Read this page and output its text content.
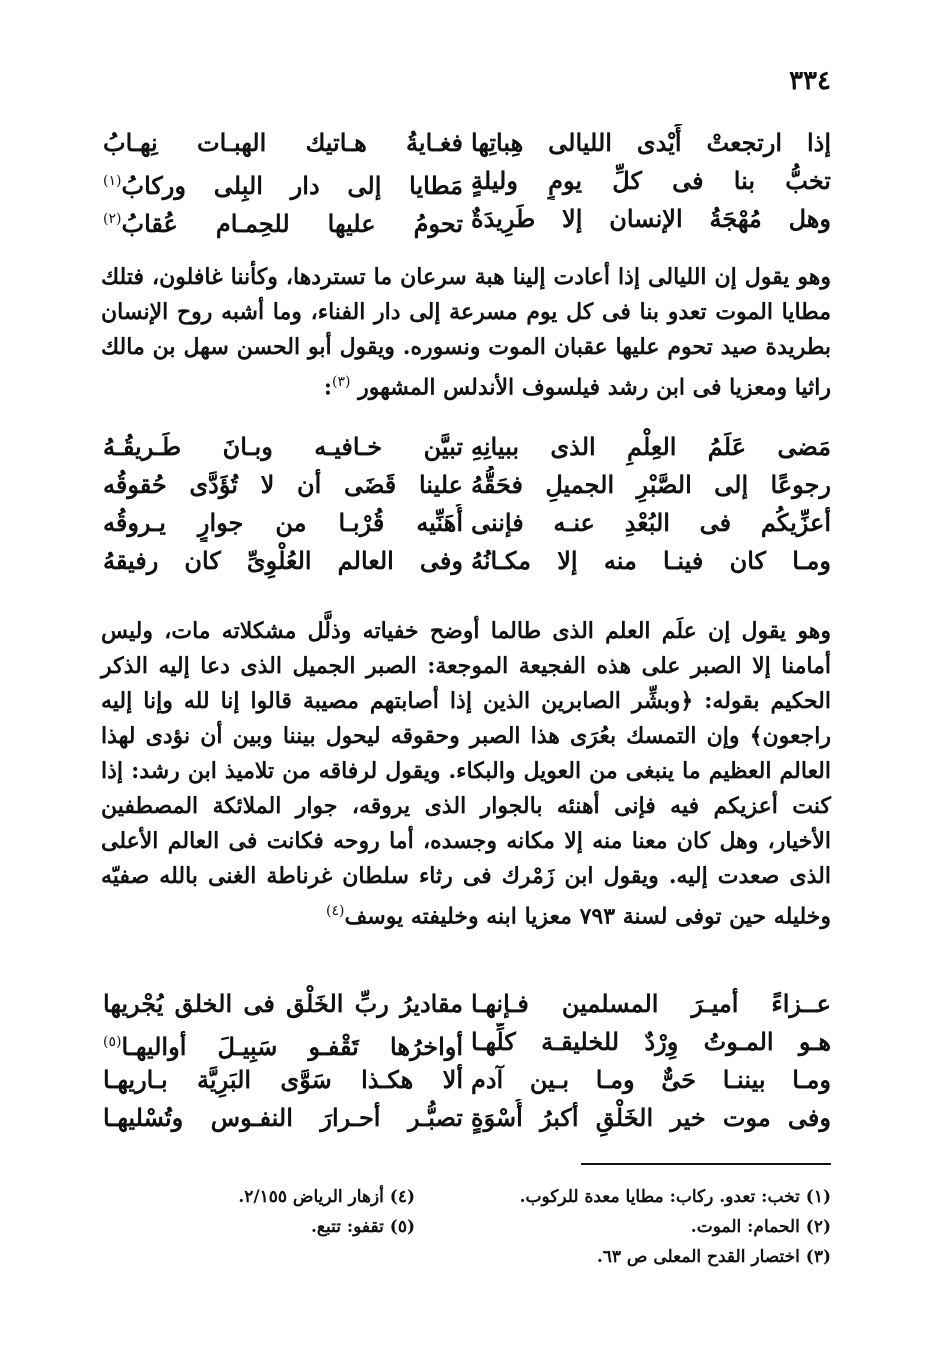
٣٣٤
إذا ارتجعتْ أَيْدى الليالى هِباتِها
فغـايةُ هـاتيك الهبـات نِهـابُ
تخبُّ بنا فى كلِّ يومٍ وليلةٍ
مَطايا إلى دار البِلى وركابُ$^{(١)}$
وهل مُهْجَةُ الإنسان إلا طَرِيدَةٌ
تحومُ عليها للحِمـام عُقابُ$^{(٢)}$

وهو يقول إن الليالى إذا أعادت إلينا هبة سرعان ما تستردها، وكأننا غافلون، فتلك مطايا الموت تعدو بنا فى كل يوم مسرعة إلى دار الفناء، وما أشبه روح الإنسان بطريدة صيد تحوم عليها عقبان الموت ونسوره. ويقول أبو الحسن سهل بن مالك راثيا ومعزيا فى ابن رشد فيلسوف الأندلس المشهور $^{(٣)}$:

مَضى عَلَمُ العِلْمِ الذى ببيانِهِ
تبيَّن خـافيـه وبـانَ طَـريقُـهُ
رجوعًا إلى الصَّبْرِ الجميلِ فحَقُّهُ
علينا قَضَى أن لا تُؤَدَّى حُقوقُه
أعزِّيكُم فى البُعْدِ عنـه فإننى
أُهَنِّيه قُرْبـا من جوارٍ يـروقُه
ومـا كان فينـا منه إلا مكـانُهُ
وفى العالم العُلْوِىِّ كان رفيقهُ

وهو يقول إن علَم العلم الذى طالما أوضح خفياته وذلَّل مشكلاته مات، وليس أمامنا إلا الصبر على هذه الفجيعة الموجعة: الصبر الجميل الذى دعا إليه الذكر الحكيم بقوله: ﴿وبشِّر الصابرين الذين إذا أصابتهم مصيبة قالوا إنا لله وإنا إليه راجعون﴾ وإن التمسك بعُرَى هذا الصبر وحقوقه ليحول بيننا وبين أن نؤدى لهذا العالم العظيم ما ينبغى من العويل والبكاء. ويقول لرفاقه من تلاميذ ابن رشد: إذا كنت أعزيكم فيه فإنى أهنئه بالجوار الذى يروقه، جوار الملائكة المصطفين الأخيار، وهل كان معنا منه إلا مكانه وجسده، أما روحه فكانت فى العالم الأعلى الذى صعدت إليه. ويقول ابن زَمْرك فى رثاء سلطان غرناطة الغنى بالله صفيّه وخليله حين توفى لسنة ٧٩٣ معزيا ابنه وخليفته يوسف$^{(٤)}$

عــزاءً أميـرَ المسلمين فـإنهـا
مقاديرُ ربِّ الخَلْق فى الخلق يُجْريها
هـو المـوتُ وِرْدٌ للخليقـة كلِّهـا
أواخرُها تَقْفـو سَبِيـلَ أواليهـا$^{(٥)}$
ومـا بيننـا حَىٌّ ومـا بـين آدم
ألا هكـذا سَوَّى البَرِيَّة بـاريهـا
وفى موت خير الخَلْقِ أكبرُ أُسْوَةٍ
تصبُّـر أحـرارَ النفـوس وتُسْليهـا
(١) تخب: تعدو. ركاب: مطايا معدة للركوب.
(٢) الحمام: الموت.
(٣) اختصار القدح المعلى ص ٦٣.
(٤) أزهار الرياض ٢/١٥٥.
(٥) تقفو: تتبع.
